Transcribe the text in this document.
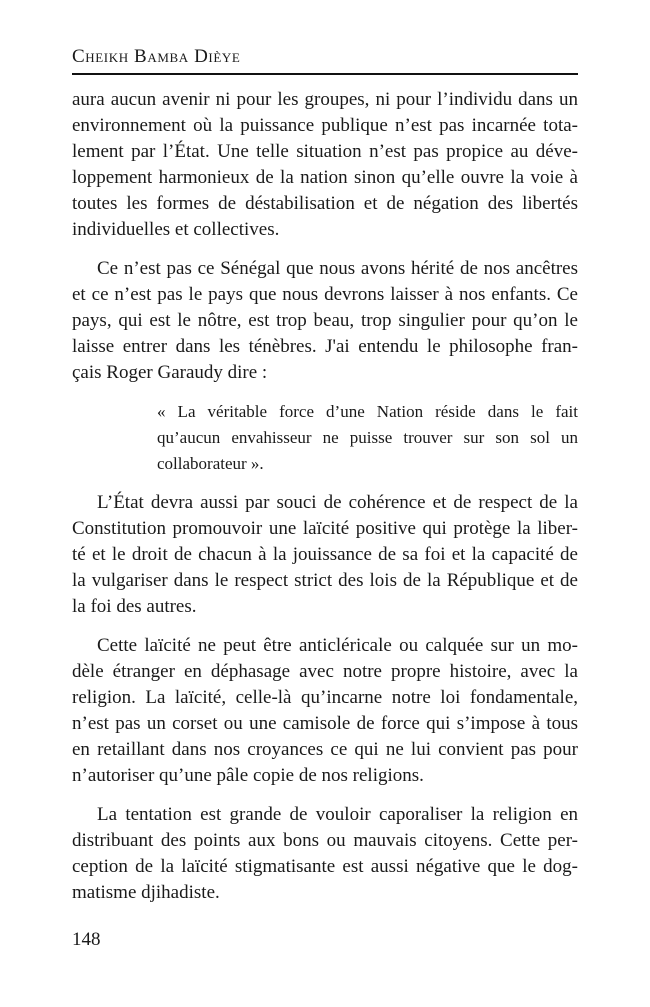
Cheikh Bamba Dièye

aura aucun avenir ni pour les groupes, ni pour l’individu dans un
environnement où la puissance publique n’est pas incarnée tota-
lement par l’État. Une telle situation n’est pas propice au déve-
loppement harmonieux de la nation sinon qu’elle ouvre la voie à
toutes les formes de déstabilisation et de négation des libertés
individuelles et collectives.

Ce n’est pas ce Sénégal que nous avons hérité de nos ancêtres
et ce n’est pas le pays que nous devrons laisser à nos enfants. Ce
pays, qui est le nôtre, est trop beau, trop singulier pour qu’on le
laisse entrer dans les ténèbres. J'ai entendu le philosophe fran-
çais Roger Garaudy dire :

« La véritable force d’une Nation réside dans le fait
qu’aucun envahisseur ne puisse trouver sur son sol un
collaborateur ».

L’État devra aussi par souci de cohérence et de respect de la
Constitution promouvoir une laïcité positive qui protège la liber-
té et le droit de chacun à la jouissance de sa foi et la capacité de
la vulgariser dans le respect strict des lois de la République et de
la foi des autres.

Cette laïcité ne peut être anticléricale ou calquée sur un mo-
dèle étranger en déphasage avec notre propre histoire, avec la
religion. La laïcité, celle-là qu’incarne notre loi fondamentale,
n’est pas un corset ou une camisole de force qui s’impose à tous
en retaillant dans nos croyances ce qui ne lui convient pas pour
n’autoriser qu’une pâle copie de nos religions.

La tentation est grande de vouloir caporaliser la religion en
distribuant des points aux bons ou mauvais citoyens. Cette per-
ception de la laïcité stigmatisante est aussi négative que le dog-
matisme djihadiste.

148
